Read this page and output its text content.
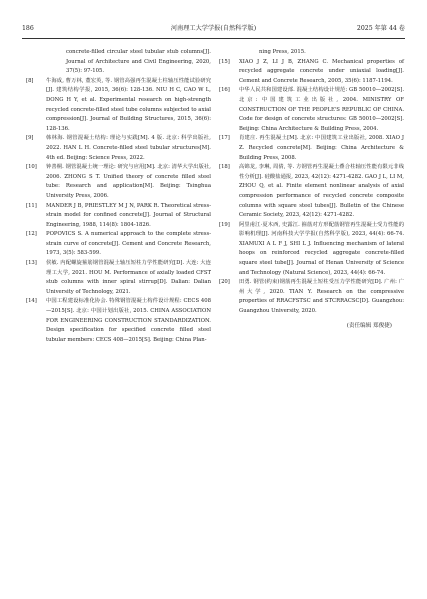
186	河南理工大学学报(自然科学版)	2025 年第 44 卷

concrete-filled circular steel tubular stub columns[J]. Journal of Architecture and Civil Engineering, 2020, 37(5): 97-105.

[8] 牛海成, 曹万林, 董宏英, 等. 钢管高强再生混凝土柱轴压性能试验研究[J]. 建筑结构学报, 2015, 36(6): 128-136. NIU H C, CAO W L, DONG H Y, et al. Experimental research on high-strength recycled concrete-filled steel tube columns subjected to axial compression[J]. Journal of Building Structures, 2015, 36(6): 128-136.

[9] 韩林海. 钢管混凝土结构: 理论与实践[M]. 4 版. 北京: 科学出版社, 2022. HAN L H. Concrete-filled steel tubular structures[M]. 4th ed. Beijing: Science Press, 2022.

[10] 钟善桐. 钢管混凝土统一理论: 研究与应用[M]. 北京: 清华大学出版社, 2006. ZHONG S T. Unified theory of concrete filled steel tube: Research and application[M]. Beijing: Tsinghua University Press, 2006.

[11] MANDER J B, PRIESTLEY M J N, PARK R. Theoretical stress-strain model for confined concrete[J]. Journal of Structural Engineering, 1988, 114(8): 1804-1826.

[12] POPOVICS S. A numerical approach to the complete stress-strain curve of concrete[J]. Cement and Concrete Research, 1973, 3(5): 583-599.

[13] 侯敏. 内配螺旋箍筋钢管混凝土轴压短柱力学性能研究[D]. 大连: 大连理工大学, 2021. HOU M. Performance of axially loaded CFST stub columns with inner spiral stirrup[D]. Dalian: Dalian University of Technology, 2021.

[14] 中国工程建设标准化协会. 特殊钢管混凝土构件设计规程: CECS 408—2015[S]. 北京: 中国计划出版社, 2015. CHINA ASSOCIATION FOR ENGINEERING CONSTRUCTION STANDARDIZATION. Design specification for specified concrete filled steel tubular members: CECS 408—2015[S]. Beijing: China Plan-

ning Press, 2015.

[15] XIAO J Z, LI J B, ZHANG C. Mechanical properties of recycled aggregate concrete under uniaxial loading[J]. Cement and Concrete Research, 2005, 35(6): 1187-1194.

[16] 中华人民共和国建设部. 混凝土结构设计规范: GB 50010—2002[S]. 北京: 中国建筑工业出版社, 2004. MINISTRY OF CONSTRUCTION OF THE PEOPLE'S REPUBLIC OF CHINA. Code for design of concrete structures: GB 50010—2002[S]. Beijing: China Architecture & Building Press, 2004.

[17] 肖建庄. 再生混凝土[M]. 北京: 中国建筑工业出版社, 2008. XIAO J Z. Recycled concrete[M]. Beijing: China Architecture & Building Press, 2008.

[18] 高锦龙, 李琳, 周倩, 等. 方钢管再生混凝土叠合柱轴压性能有限元非线性分析[J]. 硅酸盐通报, 2023, 42(12): 4271-4282. GAO J L, LI M, ZHOU Q, et al. Finite element nonlinear analysis of axial compression performance of recycled concrete composite columns with square steel tubes[J]. Bulletin of the Chinese Ceramic Society, 2023, 42(12): 4271-4282.

[19] 阿里甫江·夏木西, 史露江. 箍筋对方形配筋钢管再生混凝土受力性能的影响机理[J]. 河南科技大学学报(自然科学版), 2023, 44(4): 66-74. XIAMUXI A L F J, SHI L J. Influencing mechanism of lateral hoops on reinforced recycled aggregate concrete-filled square steel tube[J]. Journal of Henan University of Science and Technology (Natural Science), 2023, 44(4): 66-74.

[20] 田勇. 钢管(约束)钢筋再生混凝土短柱受压力学性能研究[D]. 广州: 广州大学, 2020. TIAN Y. Research on the compressive properties of RRACFSTSC and STCRRACSC[D]. Guangzhou: Guangzhou University, 2020.

(责任编辑 郑俊捷)
